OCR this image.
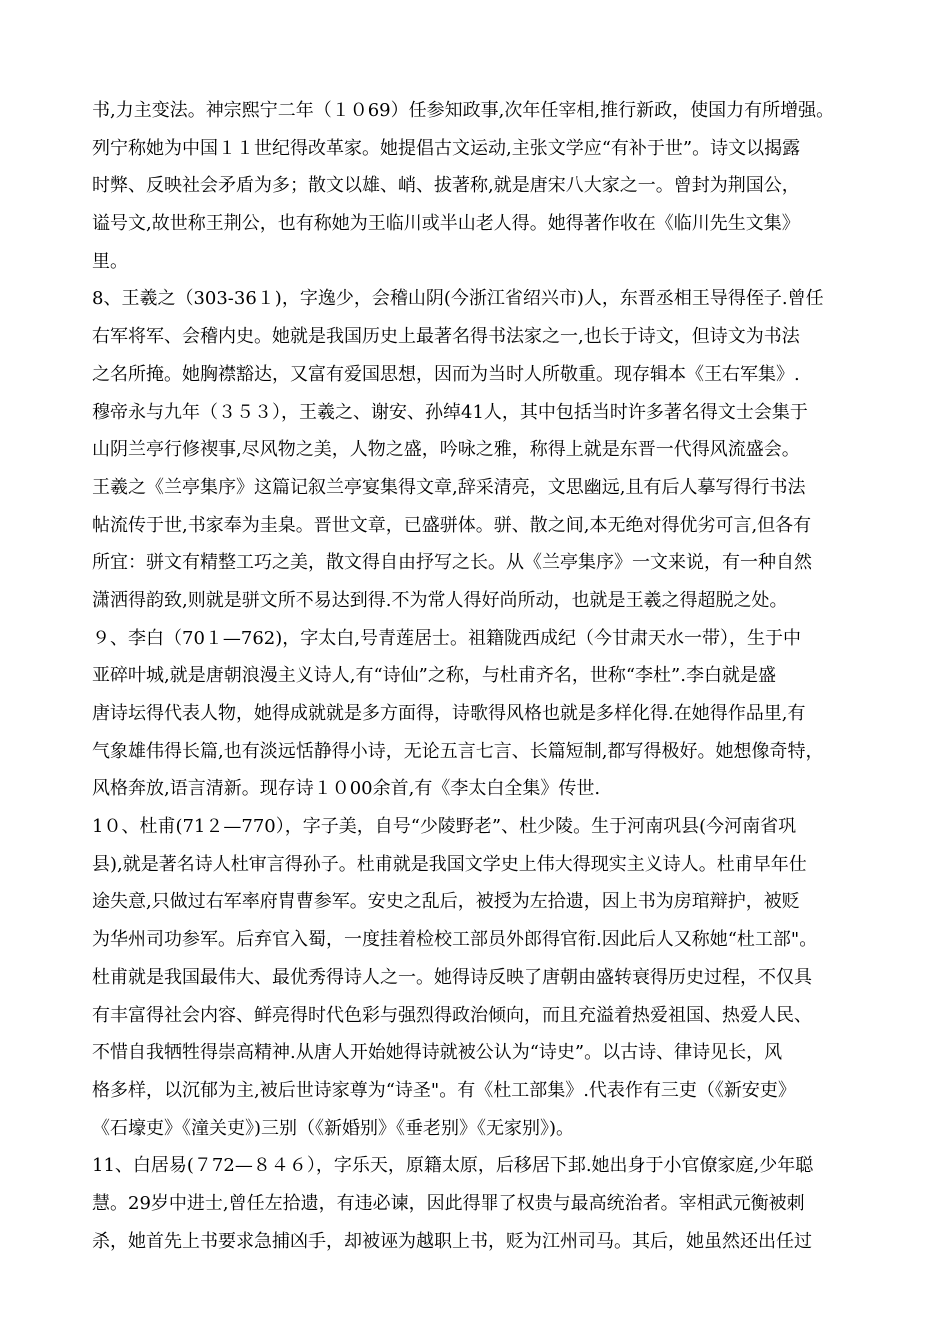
书,力主变法。神宗熙宁二年（１０69）任参知政事,次年任宰相,推行新政，使国力有所增强。
列宁称她为中国１１世纪得改革家。她提倡古文运动,主张文学应“有补于世”。诗文以揭露
时弊、反映社会矛盾为多；散文以雄、峭、拔著称,就是唐宋八大家之一。曾封为荆国公，
谥号文,故世称王荆公，也有称她为王临川或半山老人得。她得著作收在《临川先生文集》
里。
8、王羲之（303-36１)，字逸少，会稽山阴(今浙江省绍兴市)人，东晋丞相王导得侄子.曾任
右军将军、会稽内史。她就是我国历史上最著名得书法家之一,也长于诗文，但诗文为书法
之名所掩。她胸襟豁达，又富有爱国思想，因而为当时人所敬重。现存辑本《王右军集》.
穆帝永与九年（３５３），王羲之、谢安、孙绰41人，其中包括当时许多著名得文士会集于
山阴兰亭行修禊事,尽风物之美，人物之盛，吟咏之雅，称得上就是东晋一代得风流盛会。
王羲之《兰亭集序》这篇记叙兰亭宴集得文章,辞采清亮，文思幽远,且有后人摹写得行书法
帖流传于世,书家奉为圭臬。晋世文章，已盛骈体。骈、散之间,本无绝对得优劣可言,但各有
所宜：骈文有精整工巧之美，散文得自由抒写之长。从《兰亭集序》一文来说，有一种自然
潇洒得韵致,则就是骈文所不易达到得.不为常人得好尚所动，也就是王羲之得超脱之处。
９、李白（70１—762)，字太白,号青莲居士。祖籍陇西成纪（今甘肃天水一带），生于中
亚碎叶城,就是唐朝浪漫主义诗人,有“诗仙”之称，与杜甫齐名，世称“李杜”.李白就是盛
唐诗坛得代表人物，她得成就就是多方面得，诗歌得风格也就是多样化得.在她得作品里,有
气象雄伟得长篇,也有淡远恬静得小诗，无论五言七言、长篇短制,都写得极好。她想像奇特，
风格奔放,语言清新。现存诗１０00余首,有《李太白全集》传世.
1０、杜甫(71２—770），字子美，自号“少陵野老”、杜少陵。生于河南巩县(今河南省巩
县),就是著名诗人杜审言得孙子。杜甫就是我国文学史上伟大得现实主义诗人。杜甫早年仕
途失意,只做过右军率府胄曹参军。安史之乱后，被授为左拾遗，因上书为房琯辩护，被贬
为华州司功参军。后弃官入蜀，一度挂着检校工部员外郎得官衔.因此后人又称她“杜工部"。
杜甫就是我国最伟大、最优秀得诗人之一。她得诗反映了唐朝由盛转衰得历史过程，不仅具
有丰富得社会内容、鲜亮得时代色彩与强烈得政治倾向，而且充溢着热爱祖国、热爱人民、
不惜自我牺牲得崇高精神.从唐人开始她得诗就被公认为“诗史”。以古诗、律诗见长，风
格多样，以沉郁为主,被后世诗家尊为“诗圣"。有《杜工部集》.代表作有三吏（《新安吏》
《石壕吏》《潼关吏》)三别（《新婚别》《垂老别》《无家别》)。
11、白居易(７72—８４６），字乐天，原籍太原，后移居下邽.她出身于小官僚家庭,少年聪
慧。29岁中进士,曾任左拾遗，有违必谏，因此得罪了权贵与最高统治者。宰相武元衡被刺
杀，她首先上书要求急捕凶手，却被诬为越职上书，贬为江州司马。其后，她虽然还出任过
